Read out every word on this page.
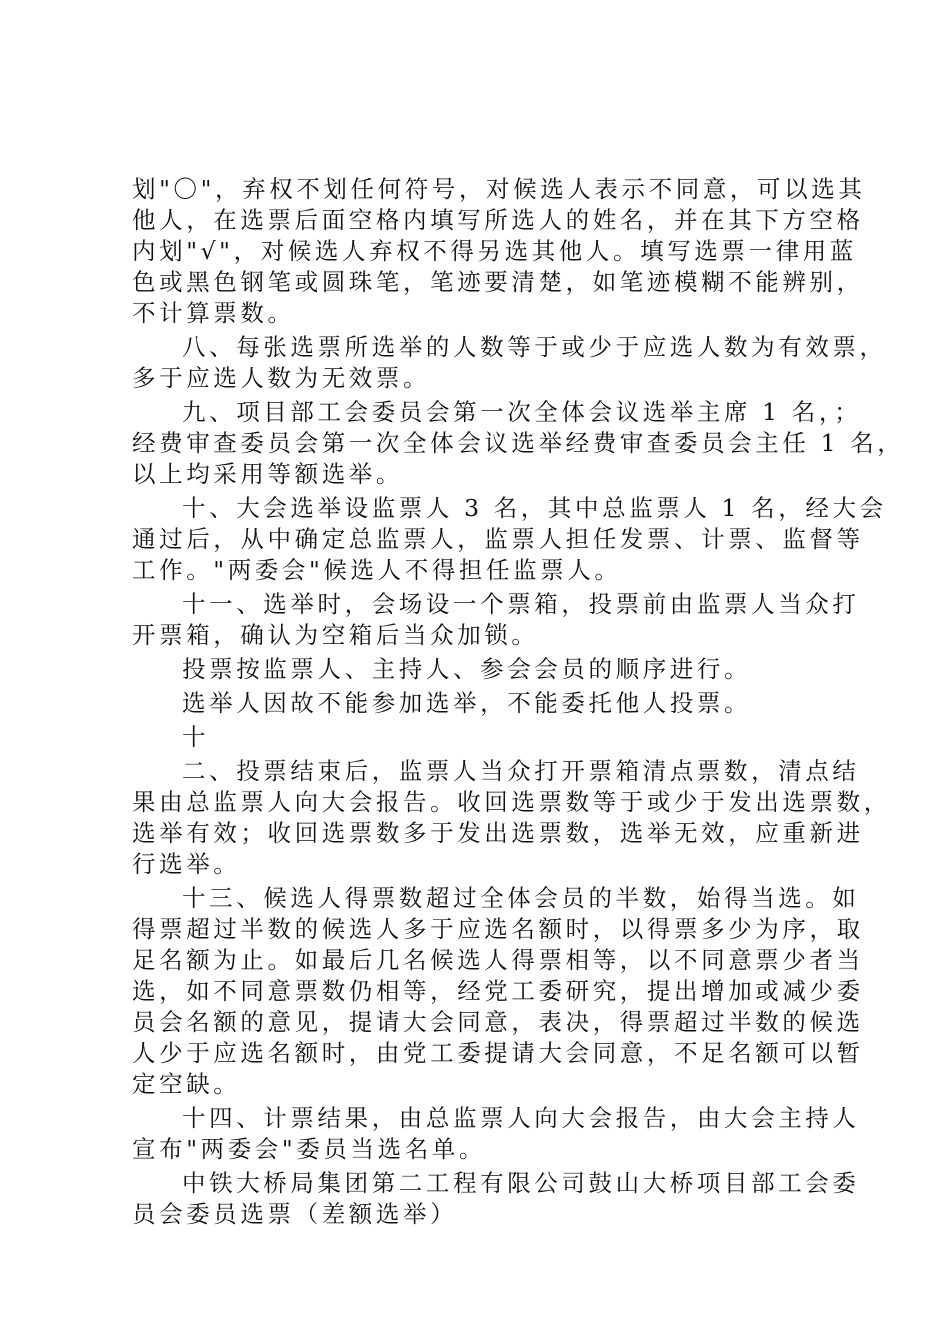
划"〇"，弃权不划任何符号，对候选人表示不同意，可以选其
他人，在选票后面空格内填写所选人的姓名，并在其下方空格
内划"√"，对候选人弃权不得另选其他人。填写选票一律用蓝
色或黑色钢笔或圆珠笔，笔迹要清楚，如笔迹模糊不能辨别，
不计算票数。
八、每张选票所选举的人数等于或少于应选人数为有效票，
多于应选人数为无效票。
九、项目部工会委员会第一次全体会议选举主席 1 名，；
经费审查委员会第一次全体会议选举经费审查委员会主任 1 名，
以上均采用等额选举。
十、大会选举设监票人 3 名，其中总监票人 1 名，经大会
通过后，从中确定总监票人，监票人担任发票、计票、监督等
工作。"两委会"候选人不得担任监票人。
十一、选举时，会场设一个票箱，投票前由监票人当众打
开票箱，确认为空箱后当众加锁。
投票按监票人、主持人、参会会员的顺序进行。
选举人因故不能参加选举，不能委托他人投票。
十
二、投票结束后，监票人当众打开票箱清点票数，清点结
果由总监票人向大会报告。收回选票数等于或少于发出选票数，
选举有效；收回选票数多于发出选票数，选举无效，应重新进
行选举。
十三、候选人得票数超过全体会员的半数，始得当选。如
得票超过半数的候选人多于应选名额时，以得票多少为序，取
足名额为止。如最后几名候选人得票相等，以不同意票少者当
选，如不同意票数仍相等，经党工委研究，提出增加或减少委
员会名额的意见，提请大会同意，表决，得票超过半数的候选
人少于应选名额时，由党工委提请大会同意，不足名额可以暂
定空缺。
十四、计票结果，由总监票人向大会报告，由大会主持人
宣布"两委会"委员当选名单。
中铁大桥局集团第二工程有限公司鼓山大桥项目部工会委
员会委员选票（差额选举）
